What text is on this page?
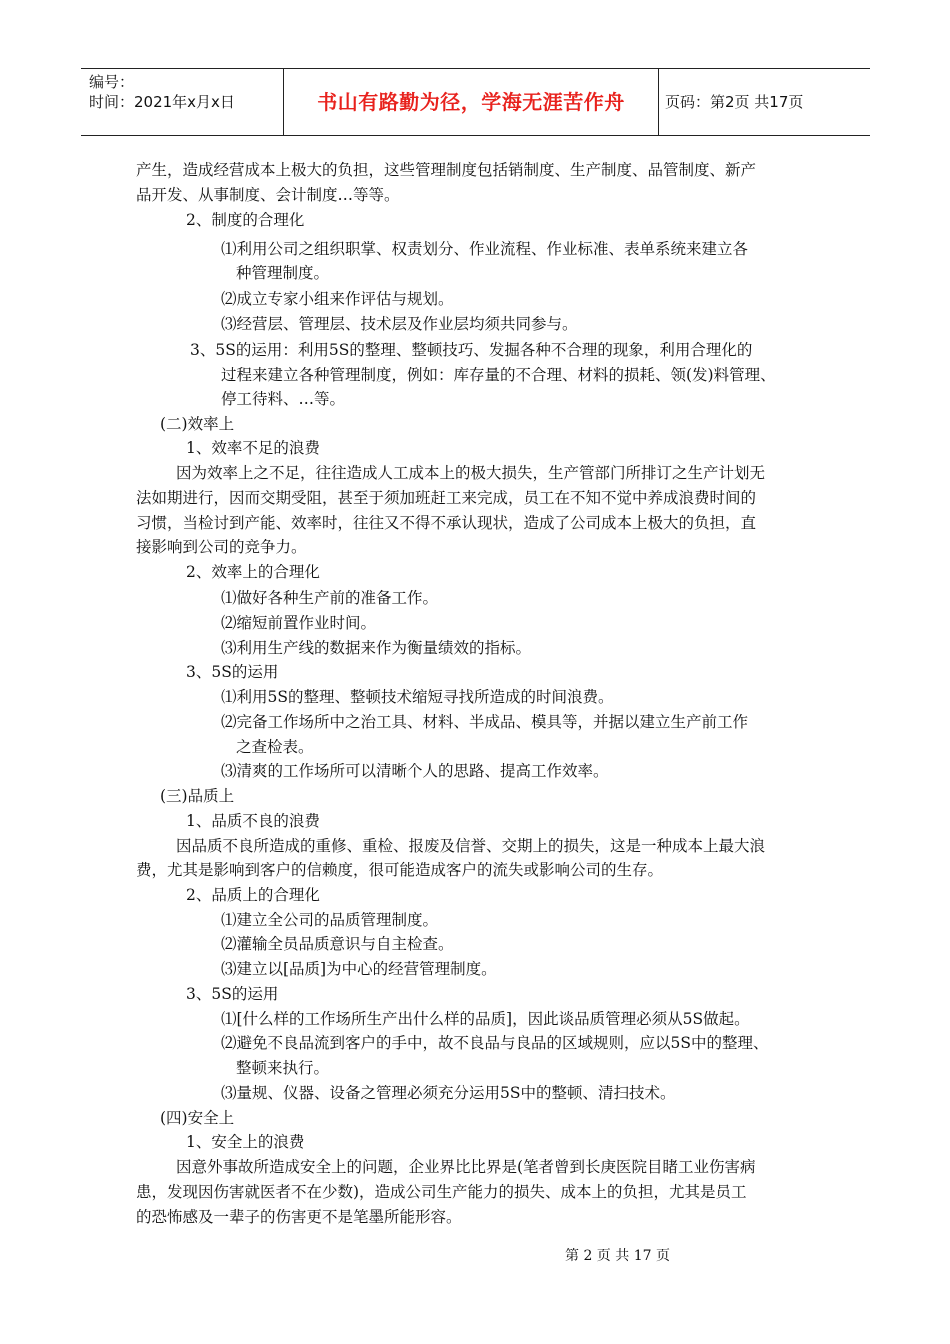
编号：
时间：2021年x月x日	书山有路勤为径，学海无涯苦作舟	页码：第2页 共17页
产生，造成经营成本上极大的负担，这些管理制度包括销制度、生产制度、品管制度、新产
品开发、从事制度、会计制度…等等。
2、制度的合理化
⑴利用公司之组织职掌、权责划分、作业流程、作业标准、表单系统来建立各
种管理制度。
⑵成立专家小组来作评估与规划。
⑶经营层、管理层、技术层及作业层均须共同参与。
3、5S的运用：利用5S的整理、整顿技巧、发掘各种不合理的现象，利用合理化的
过程来建立各种管理制度，例如：库存量的不合理、材料的损耗、领(发)料管理、
停工待料、…等。
(二)效率上
1、效率不足的浪费
因为效率上之不足，往往造成人工成本上的极大损失，生产管部门所排订之生产计划无
法如期进行，因而交期受阻，甚至于须加班赶工来完成，员工在不知不觉中养成浪费时间的
习惯，当检讨到产能、效率时，往往又不得不承认现状，造成了公司成本上极大的负担，直
接影响到公司的竞争力。
2、效率上的合理化
⑴做好各种生产前的准备工作。
⑵缩短前置作业时间。
⑶利用生产线的数据来作为衡量绩效的指标。
3、5S的运用
⑴利用5S的整理、整顿技术缩短寻找所造成的时间浪费。
⑵完备工作场所中之治工具、材料、半成品、模具等，并据以建立生产前工作
之查检表。
⑶清爽的工作场所可以清晰个人的思路、提高工作效率。
(三)品质上
1、品质不良的浪费
因品质不良所造成的重修、重检、报废及信誉、交期上的损失，这是一种成本上最大浪
费，尤其是影响到客户的信赖度，很可能造成客户的流失或影响公司的生存。
2、品质上的合理化
⑴建立全公司的品质管理制度。
⑵灌输全员品质意识与自主检查。
⑶建立以[品质]为中心的经营管理制度。
3、5S的运用
⑴[什么样的工作场所生产出什么样的品质]，因此谈品质管理必须从5S做起。
⑵避免不良品流到客户的手中，故不良品与良品的区域规则，应以5S中的整理、
整顿来执行。
⑶量规、仪器、设备之管理必须充分运用5S中的整顿、清扫技术。
(四)安全上
1、安全上的浪费
因意外事故所造成安全上的问题，企业界比比界是(笔者曾到长庚医院目睹工业伤害病
患，发现因伤害就医者不在少数)，造成公司生产能力的损失、成本上的负担，尤其是员工
的恐怖感及一辈子的伤害更不是笔墨所能形容。
第 2 页 共 17 页
